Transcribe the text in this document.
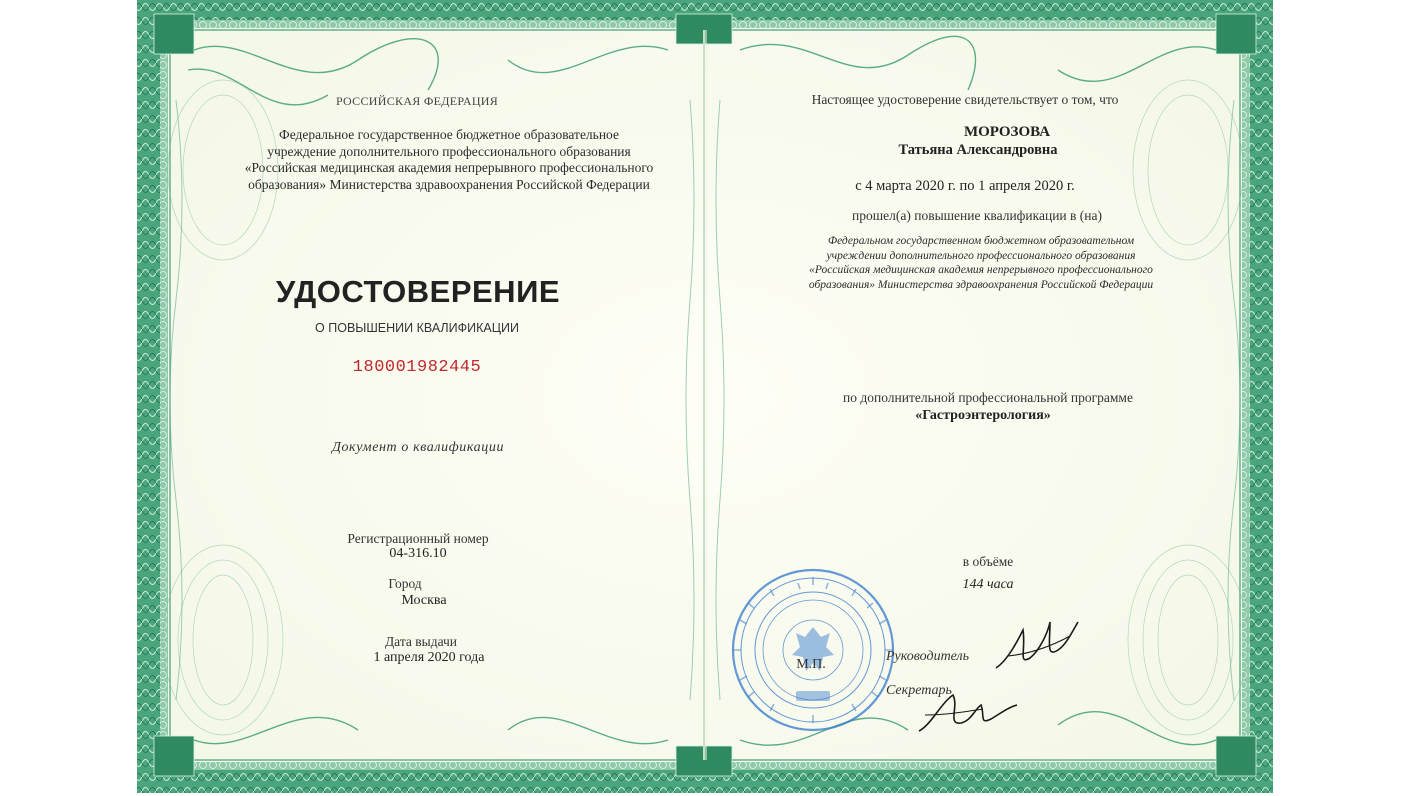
РОССИЙСКАЯ ФЕДЕРАЦИЯ
Федеральное государственное бюджетное образовательное
учреждение дополнительного профессионального образования
«Российская медицинская академия непрерывного профессионального
образования» Министерства здравоохранения Российской Федерации
УДОСТОВЕРЕНИЕ
О ПОВЫШЕНИИ КВАЛИФИКАЦИИ
180001982445
Документ о квалификации
Регистрационный номер
04-316.10
Город
Москва
Дата выдачи
1 апреля 2020 года
Настоящее удостоверение свидетельствует о том, что
МОРОЗОВА
Татьяна Александровна
с 4 марта 2020 г. по 1 апреля 2020 г.
прошел(а) повышение квалификации в (на)
Федеральном государственном бюджетном образовательном
учреждении дополнительного профессионального образования
«Российская медицинская академия непрерывного профессионального
образования» Министерства здравоохранения Российской Федерации
по дополнительной профессиональной программе
«Гастроэнтерология»
в объёме
144 часа
М.П.
Руководитель
Секретарь
